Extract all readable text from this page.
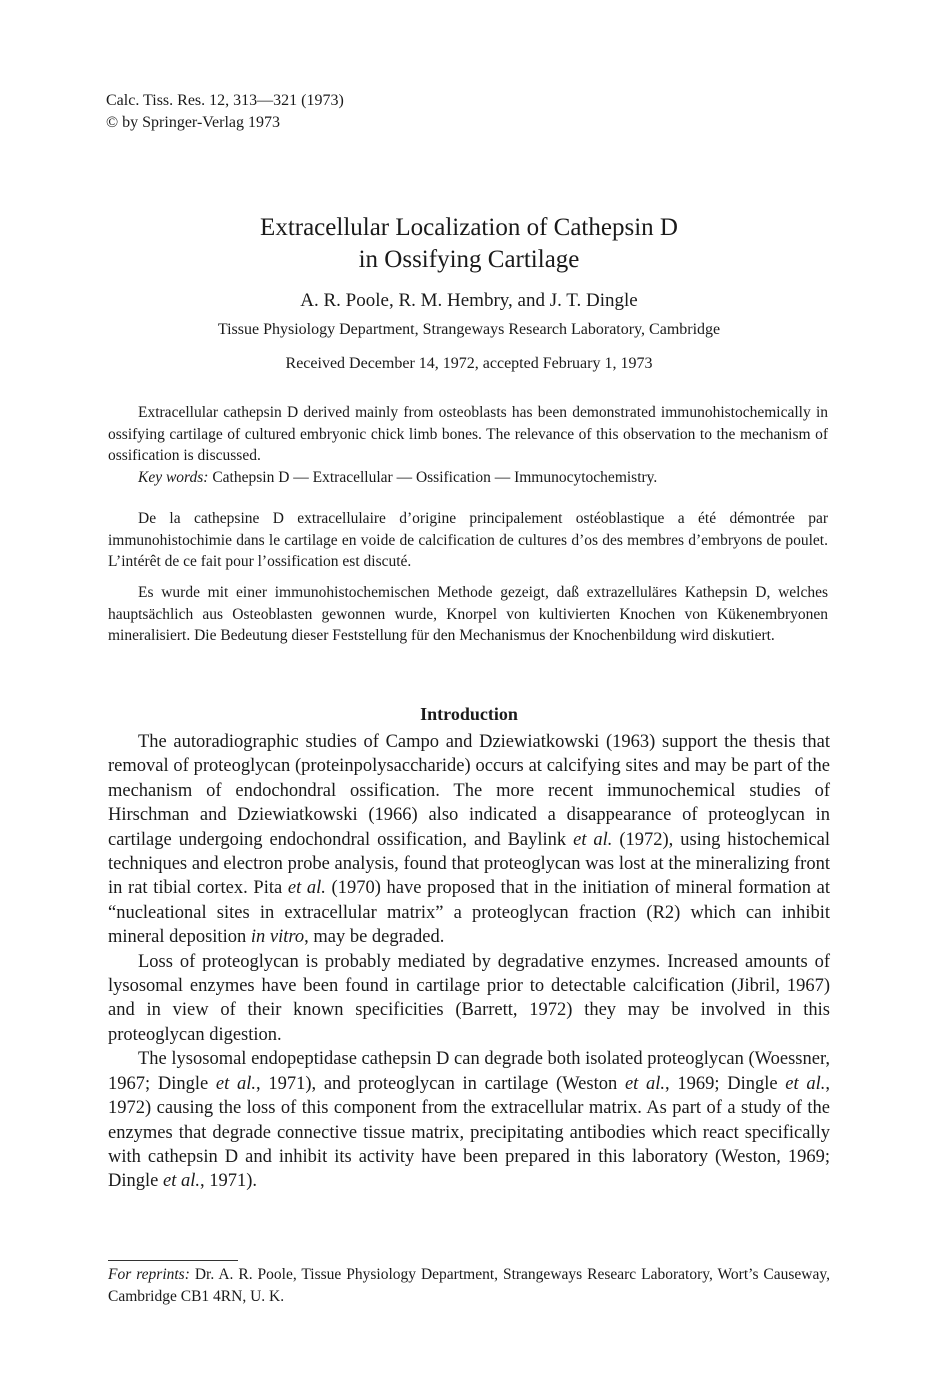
Calc. Tiss. Res. 12, 313—321 (1973)
© by Springer-Verlag 1973
Extracellular Localization of Cathepsin D
in Ossifying Cartilage
A. R. Poole, R. M. Hembry, and J. T. Dingle
Tissue Physiology Department, Strangeways Research Laboratory, Cambridge
Received December 14, 1972, accepted February 1, 1973
Extracellular cathepsin D derived mainly from osteoblasts has been demonstrated immunohistochemically in ossifying cartilage of cultured embryonic chick limb bones. The relevance of this observation to the mechanism of ossification is discussed.
Key words: Cathepsin D — Extracellular — Ossification — Immunocytochemistry.
De la cathepsine D extracellulaire d’origine principalement ostéoblastique a été démontrée par immunohistochimie dans le cartilage en voide de calcification de cultures d’os des membres d’embryons de poulet. L’intérêt de ce fait pour l’ossification est discuté.
Es wurde mit einer immunohistochemischen Methode gezeigt, daß extrazelluläres Kathepsin D, welches hauptsächlich aus Osteoblasten gewonnen wurde, Knorpel von kultivierten Knochen von Kükenembryonen mineralisiert. Die Bedeutung dieser Feststellung für den Mechanismus der Knochenbildung wird diskutiert.
Introduction

The autoradiographic studies of Campo and Dziewiatkowski (1963) support the thesis that removal of proteoglycan (proteinpolysaccharide) occurs at calcifying sites and may be part of the mechanism of endochondral ossification. The more recent immunochemical studies of Hirschman and Dziewiatkowski (1966) also indicated a disappearance of proteoglycan in cartilage undergoing endochondral ossification, and Baylink et al. (1972), using histochemical techniques and electron probe analysis, found that proteoglycan was lost at the mineralizing front in rat tibial cortex. Pita et al. (1970) have proposed that in the initiation of mineral formation at “nucleational sites in extracellular matrix” a proteoglycan fraction (R2) which can inhibit mineral deposition in vitro, may be degraded.

Loss of proteoglycan is probably mediated by degradative enzymes. Increased amounts of lysosomal enzymes have been found in cartilage prior to detectable calcification (Jibril, 1967) and in view of their known specificities (Barrett, 1972) they may be involved in this proteoglycan digestion.

The lysosomal endopeptidase cathepsin D can degrade both isolated proteoglycan (Woessner, 1967; Dingle et al., 1971), and proteoglycan in cartilage (Weston et al., 1969; Dingle et al., 1972) causing the loss of this component from the extracellular matrix. As part of a study of the enzymes that degrade connective tissue matrix, precipitating antibodies which react specifically with cathepsin D and inhibit its activity have been prepared in this laboratory (Weston, 1969; Dingle et al., 1971).

For reprints: Dr. A. R. Poole, Tissue Physiology Department, Strangeways Researc Laboratory, Wort’s Causeway, Cambridge CB1 4RN, U. K.
